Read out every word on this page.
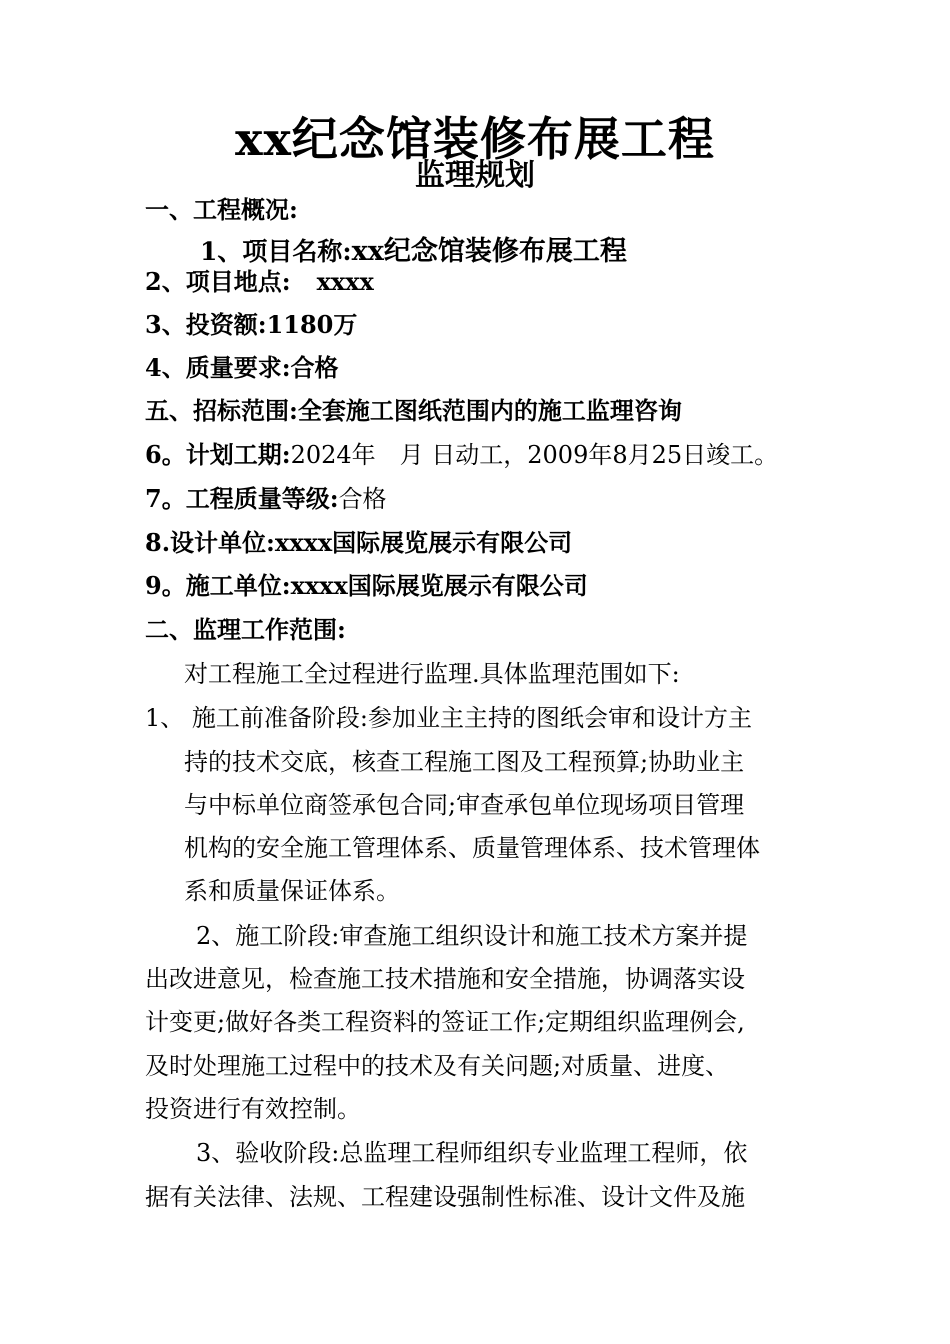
xx纪念馆装修布展工程
监理规划
一、工程概况:
1、项目名称:xx纪念馆装修布展工程
2、项目地点: xxxx
3、投资额:1180万
4、质量要求:合格
五、招标范围:全套施工图纸范围内的施工监理咨询
6。计划工期:2024年　月 日动工，2009年8月25日竣工。
7。工程质量等级:合格
8.设计单位:xxxx国际展览展示有限公司
9。施工单位:xxxx国际展览展示有限公司
二、监理工作范围:
对工程施工全过程进行监理.具体监理范围如下:
1、 施工前准备阶段:参加业主主持的图纸会审和设计方主
持的技术交底，核查工程施工图及工程预算;协助业主
与中标单位商签承包合同;审查承包单位现场项目管理
机构的安全施工管理体系、质量管理体系、技术管理体
系和质量保证体系。
2、施工阶段:审查施工组织设计和施工技术方案并提
出改进意见，检查施工技术措施和安全措施，协调落实设
计变更;做好各类工程资料的签证工作;定期组织监理例会,
及时处理施工过程中的技术及有关问题;对质量、进度、
投资进行有效控制。
3、验收阶段:总监理工程师组织专业监理工程师，依
据有关法律、法规、工程建设强制性标准、设计文件及施
